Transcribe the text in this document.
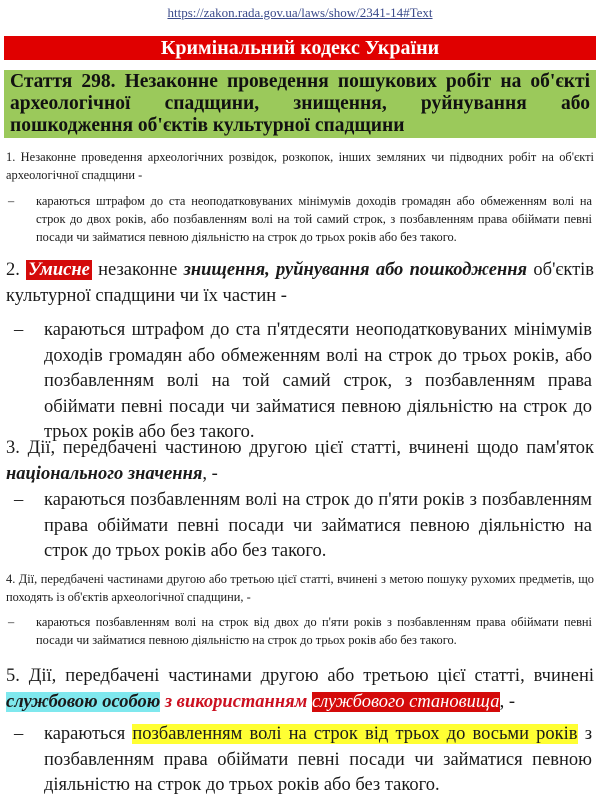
https://zakon.rada.gov.ua/laws/show/2341-14#Text
Кримінальний кодекс України
Стаття 298. Незаконне проведення пошукових робіт на об'єкті археологічної спадщини, знищення, руйнування або пошкодження об'єктів культурної спадщини
1. Незаконне проведення археологічних розвідок, розкопок, інших земляних чи підводних робіт на об'єкті археологічної спадщини -
– караються штрафом до ста неоподатковуваних мінімумів доходів громадян або обмеженням волі на строк до двох років, або позбавленням волі на той самий строк, з позбавленням права обіймати певні посади чи займатися певною діяльністю на строк до трьох років або без такого.
2. Умисне незаконне знищення, руйнування або пошкодження об'єктів культурної спадщини чи їх частин -
– караються штрафом до ста п'ятдесяти неоподатковуваних мінімумів доходів громадян або обмеженням волі на строк до трьох років, або позбавленням волі на той самий строк, з позбавленням права обіймати певні посади чи займатися певною діяльністю на строк до трьох років або без такого.
3. Дії, передбачені частиною другою цієї статті, вчинені щодо пам'яток національного значення, -
– караються позбавленням волі на строк до п'яти років з позбавленням права обіймати певні посади чи займатися певною діяльністю на строк до трьох років або без такого.
4. Дії, передбачені частинами другою або третьою цієї статті, вчинені з метою пошуку рухомих предметів, що походять із об'єктів археологічної спадщини, -
– караються позбавленням волі на строк від двох до п'яти років з позбавленням права обіймати певні посади чи займатися певною діяльністю на строк до трьох років або без такого.
5. Дії, передбачені частинами другою або третьою цієї статті, вчинені службовою особою з використанням службового становища, -
– караються позбавленням волі на строк від трьох до восьми років з позбавленням права обіймати певні посади чи займатися певною діяльністю на строк до трьох років або без такого.
